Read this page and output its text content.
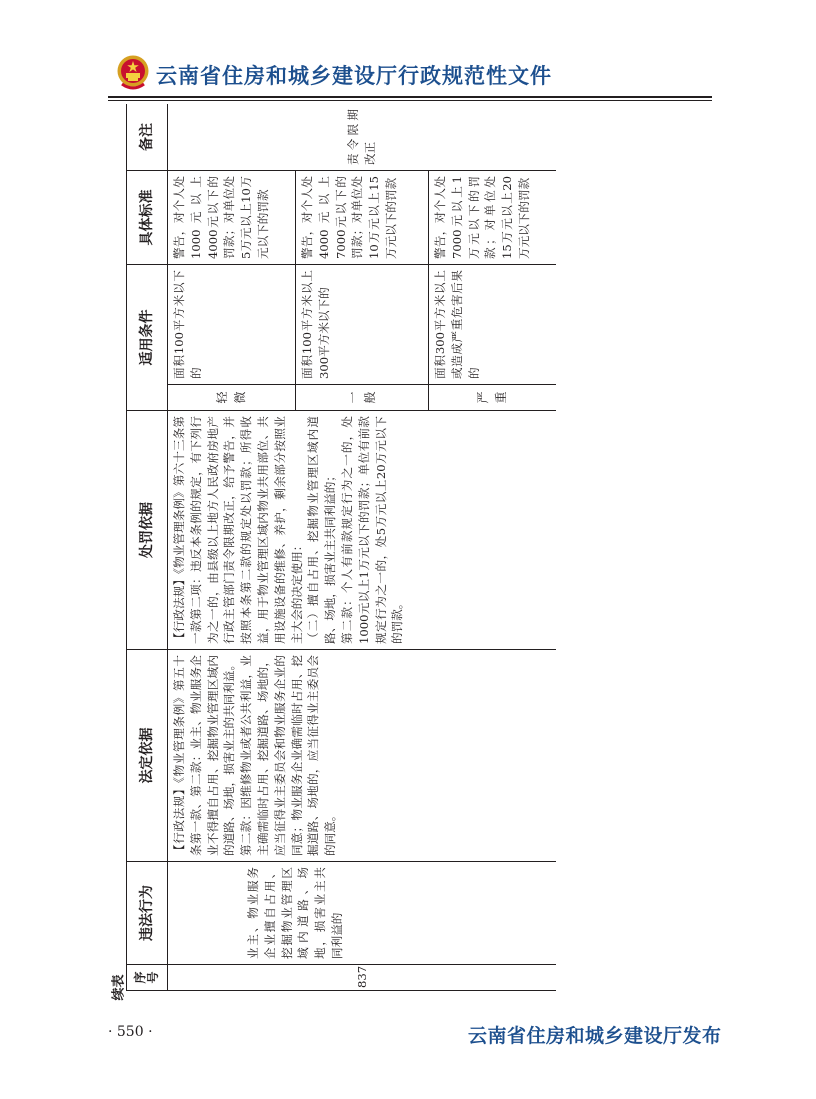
云南省住房和城乡建设厅行政规范性文件
续表 序号	违法行为	法定依据	处罚依据	适用条件		具体标准	备注
837	业主、物业服务企业擅自占用、挖掘物业管理区域内道路、场地，损害业主共同利益的	【行政法规】《物业管理条例》第五十条第一款、第二款：业主、物业服务企业不得擅自占用、挖掘物业管理区域内的道路、场地，损害业主的共同利益。
第二款：因维修物业或者公共利益，业主确需临时占用、挖掘道路、场地的，应当征得业主委员会和物业服务企业的同意；物业服务企业确需临时占用、挖掘道路、场地的，应当征得业主委员会的同意。	【行政法规】《物业管理条例》第六十三条第一款第二项：违反本条例的规定，有下列行为之一的，由县级以上地方人民政府房地产行政主管部门责令限期改正，给予警告，并按照本条第二款的规定处以罚款；所得收益，用于物业管理区域内物业共用部位、共用设施设备的维修、养护，剩余部分按照业主大会的决定使用：
（二）擅自占用、挖掘物业管理区域内道路、场地，损害业主共同利益的；
第二款：个人有前款规定行为之一的，处1000元以上1万元以下的罚款；单位有前款规定行为之一的，处5万元以上20万元以下的罚款。	轻微	面积100平方米以下的	警告，对个人处1000元以上4000元以下的罚款；对单位处5万元以上10万元以下的罚款	责令限期改正

				一般	面积100平方米以上300平方米以下的	警告，对个人处4000元以上7000元以下的罚款；对单位处10万元以上15万元以下的罚款	

				严重	面积300平方米以上或造成严重危害后果的	警告，对个人处7000元以上1万元以下的罚款；对单位处15万元以上20万元以下的罚款	

· 550 ·	云南省住房和城乡建设厅发布
